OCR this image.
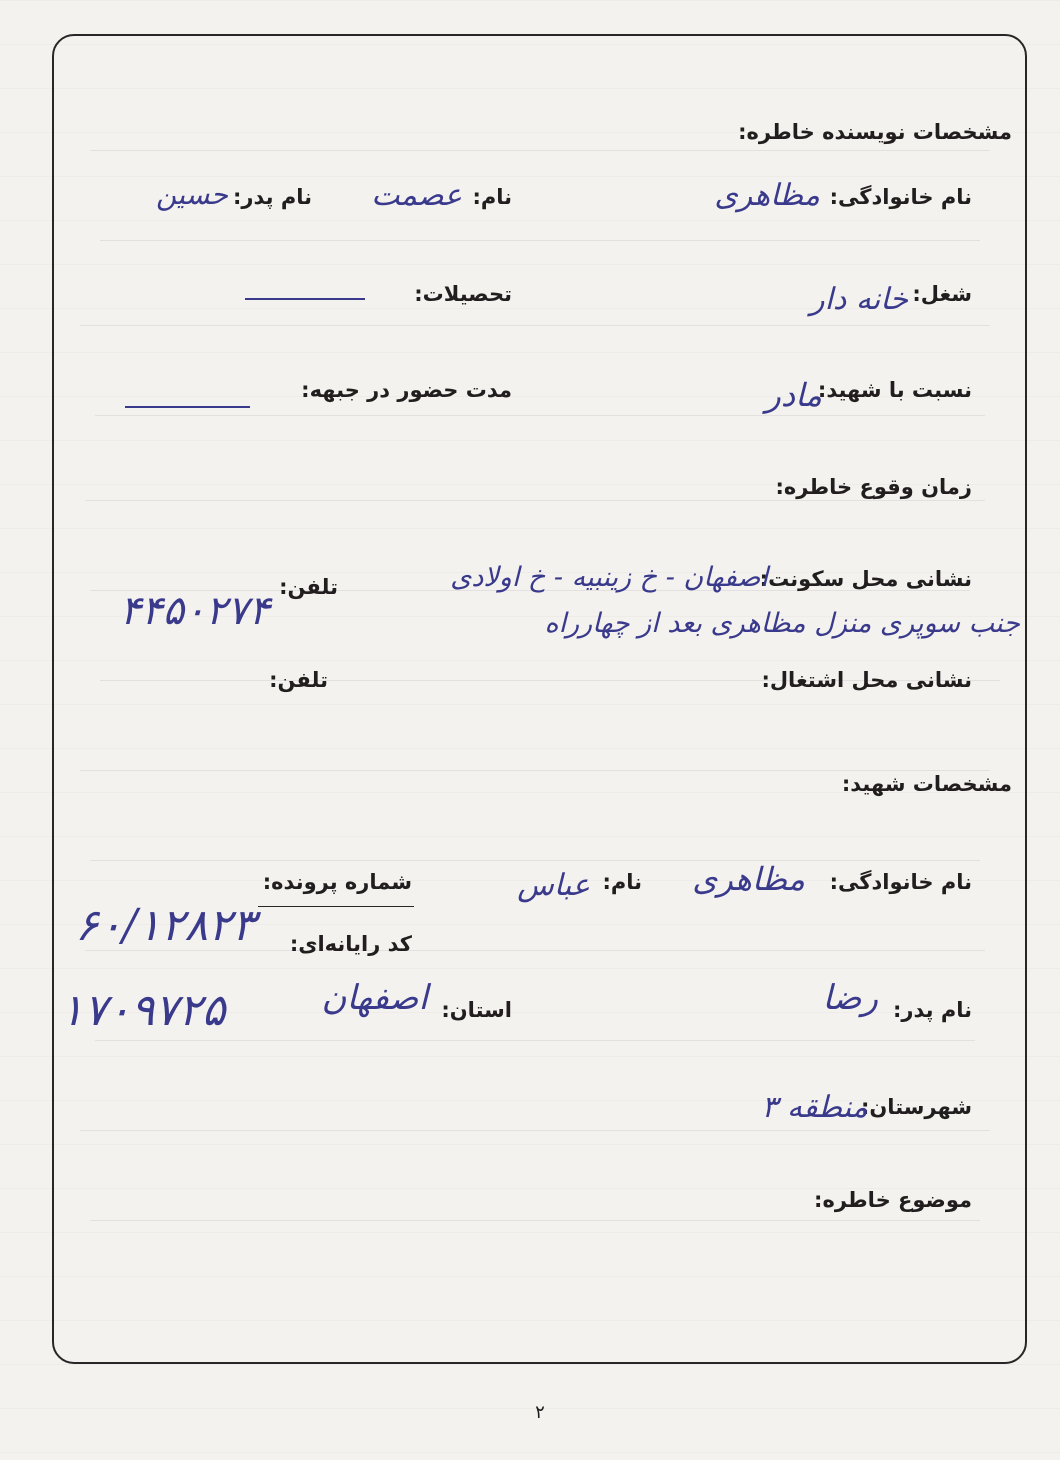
مشخصات نویسنده خاطره:
نام خانوادگی:
مظاهری
نام:
عصمت
نام پدر:
حسین
شغل:
خانه دار
تحصیلات:
نسبت با شهید:
مادر
مدت حضور در جبهه:
زمان وقوع خاطره:
نشانی محل سکونت:
اصفهان - خ زینبیه - خ اولادی
تلفن:
۴۴۵۰۲۷۴	جنب سوپری منزل مظاهری بعد از چهارراه
نشانی محل اشتغال:
تلفن:
مشخصات شهید:
نام خانوادگی:
مظاهری
نام:
عباس
شماره پرونده:
۶۰/۱۲۸۲۳ کد رایانه‌ای:
۱۷۰۹۷۲۵	نام پدر:
رضا
استان:
اصفهان
شهرستان:
منطقه ۳
موضوع خاطره:
۲
